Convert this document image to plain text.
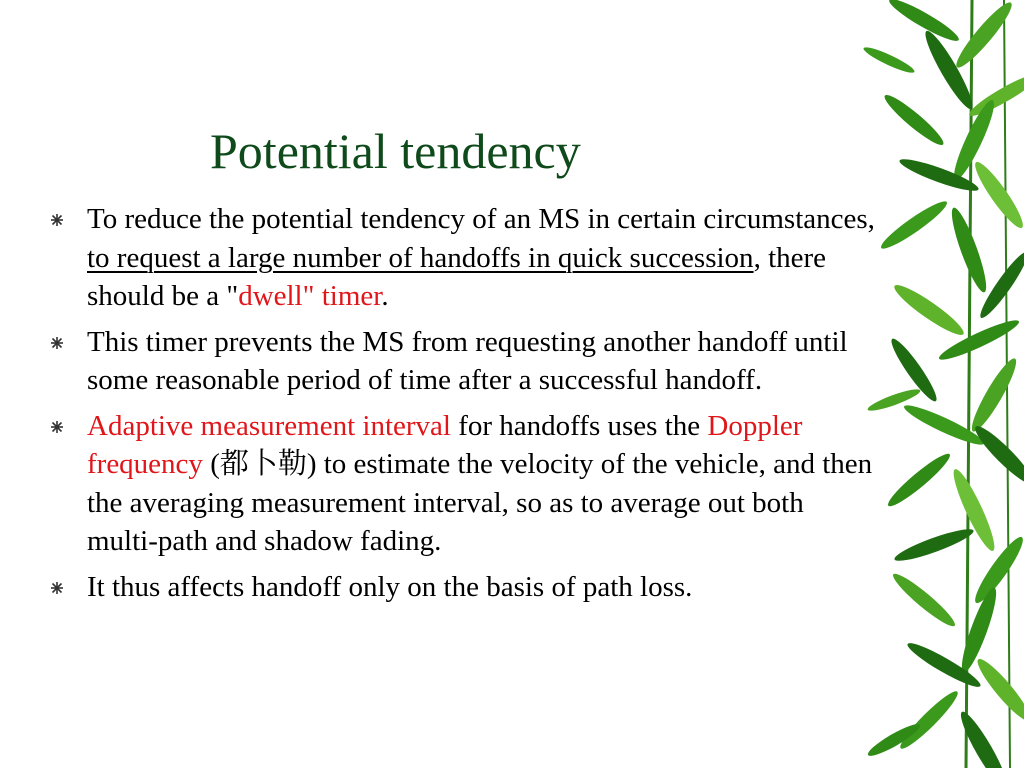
Potential tendency
To reduce the potential tendency of an MS in certain circumstances, to request a large number of handoffs in quick succession, there should be a "dwell" timer.
This timer prevents the MS from requesting another handoff until some reasonable period of time after a successful handoff.
Adaptive measurement interval for handoffs uses the Doppler frequency (都卜勒) to estimate the velocity of the vehicle, and then the averaging measurement interval, so as to average out both multi-path and shadow fading.
It thus affects handoff only on the basis of path loss.
